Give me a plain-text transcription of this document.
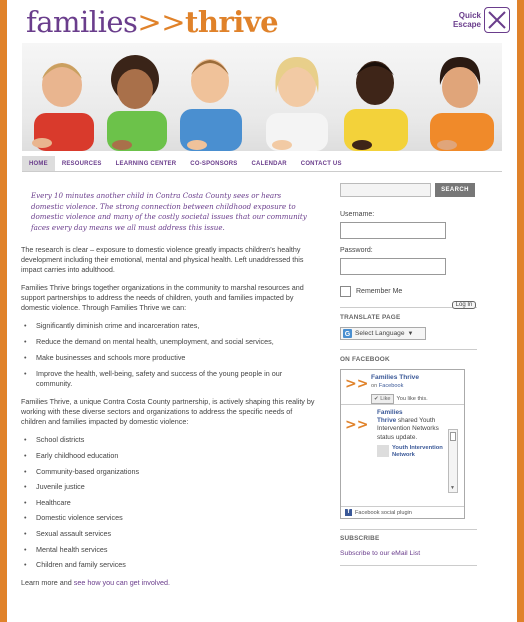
families>>thrive	Quick
Escape
HOME	RESOURCES	LEARNING CENTER	CO-SPONSORS	CALENDAR	CONTACT US

Every 10 minutes another child in Contra Costa County sees or hears domestic violence. The strong connection between childhood exposure to domestic violence and many of the costly societal issues that our community faces every day means we all must address this issue.

The research is clear – exposure to domestic violence greatly impacts children's healthy development including their emotional, mental and physical health. Left unaddressed this impact carries into adulthood.

Families Thrive brings together organizations in the community to marshal resources and support partnerships to address the needs of children, youth and families impacted by domestic violence. Through Families Thrive we can:

• Significantly diminish crime and incarceration rates,
• Reduce the demand on mental health, unemployment, and social services,
• Make businesses and schools more productive
• Improve the health, well-being, safety and success of the young people in our community.

Families Thrive, a unique Contra Costa County partnership, is actively shaping this reality by working with these diverse sectors and organizations to address the specific needs of children and families impacted by domestic violence:

• School districts
• Early childhood education
• Community-based organizations
• Juvenile justice
• Healthcare
• Domestic violence services
• Sexual assault services
• Mental health services
• Children and family services

Learn more and see how you can get involved.

SEARCH
Username:
Password:
Remember Me
Log In
TRANSLATE PAGE
G Select Language ▼
ON FACEBOOK
>> Families Thrive
on Facebook
✔ Like	You like this.
>>
Families
Thrive shared Youth Intervention Networks status update.
Youth Intervention Network
▼
f Facebook social plugin
SUBSCRIBE
Subscribe to our eMail List
